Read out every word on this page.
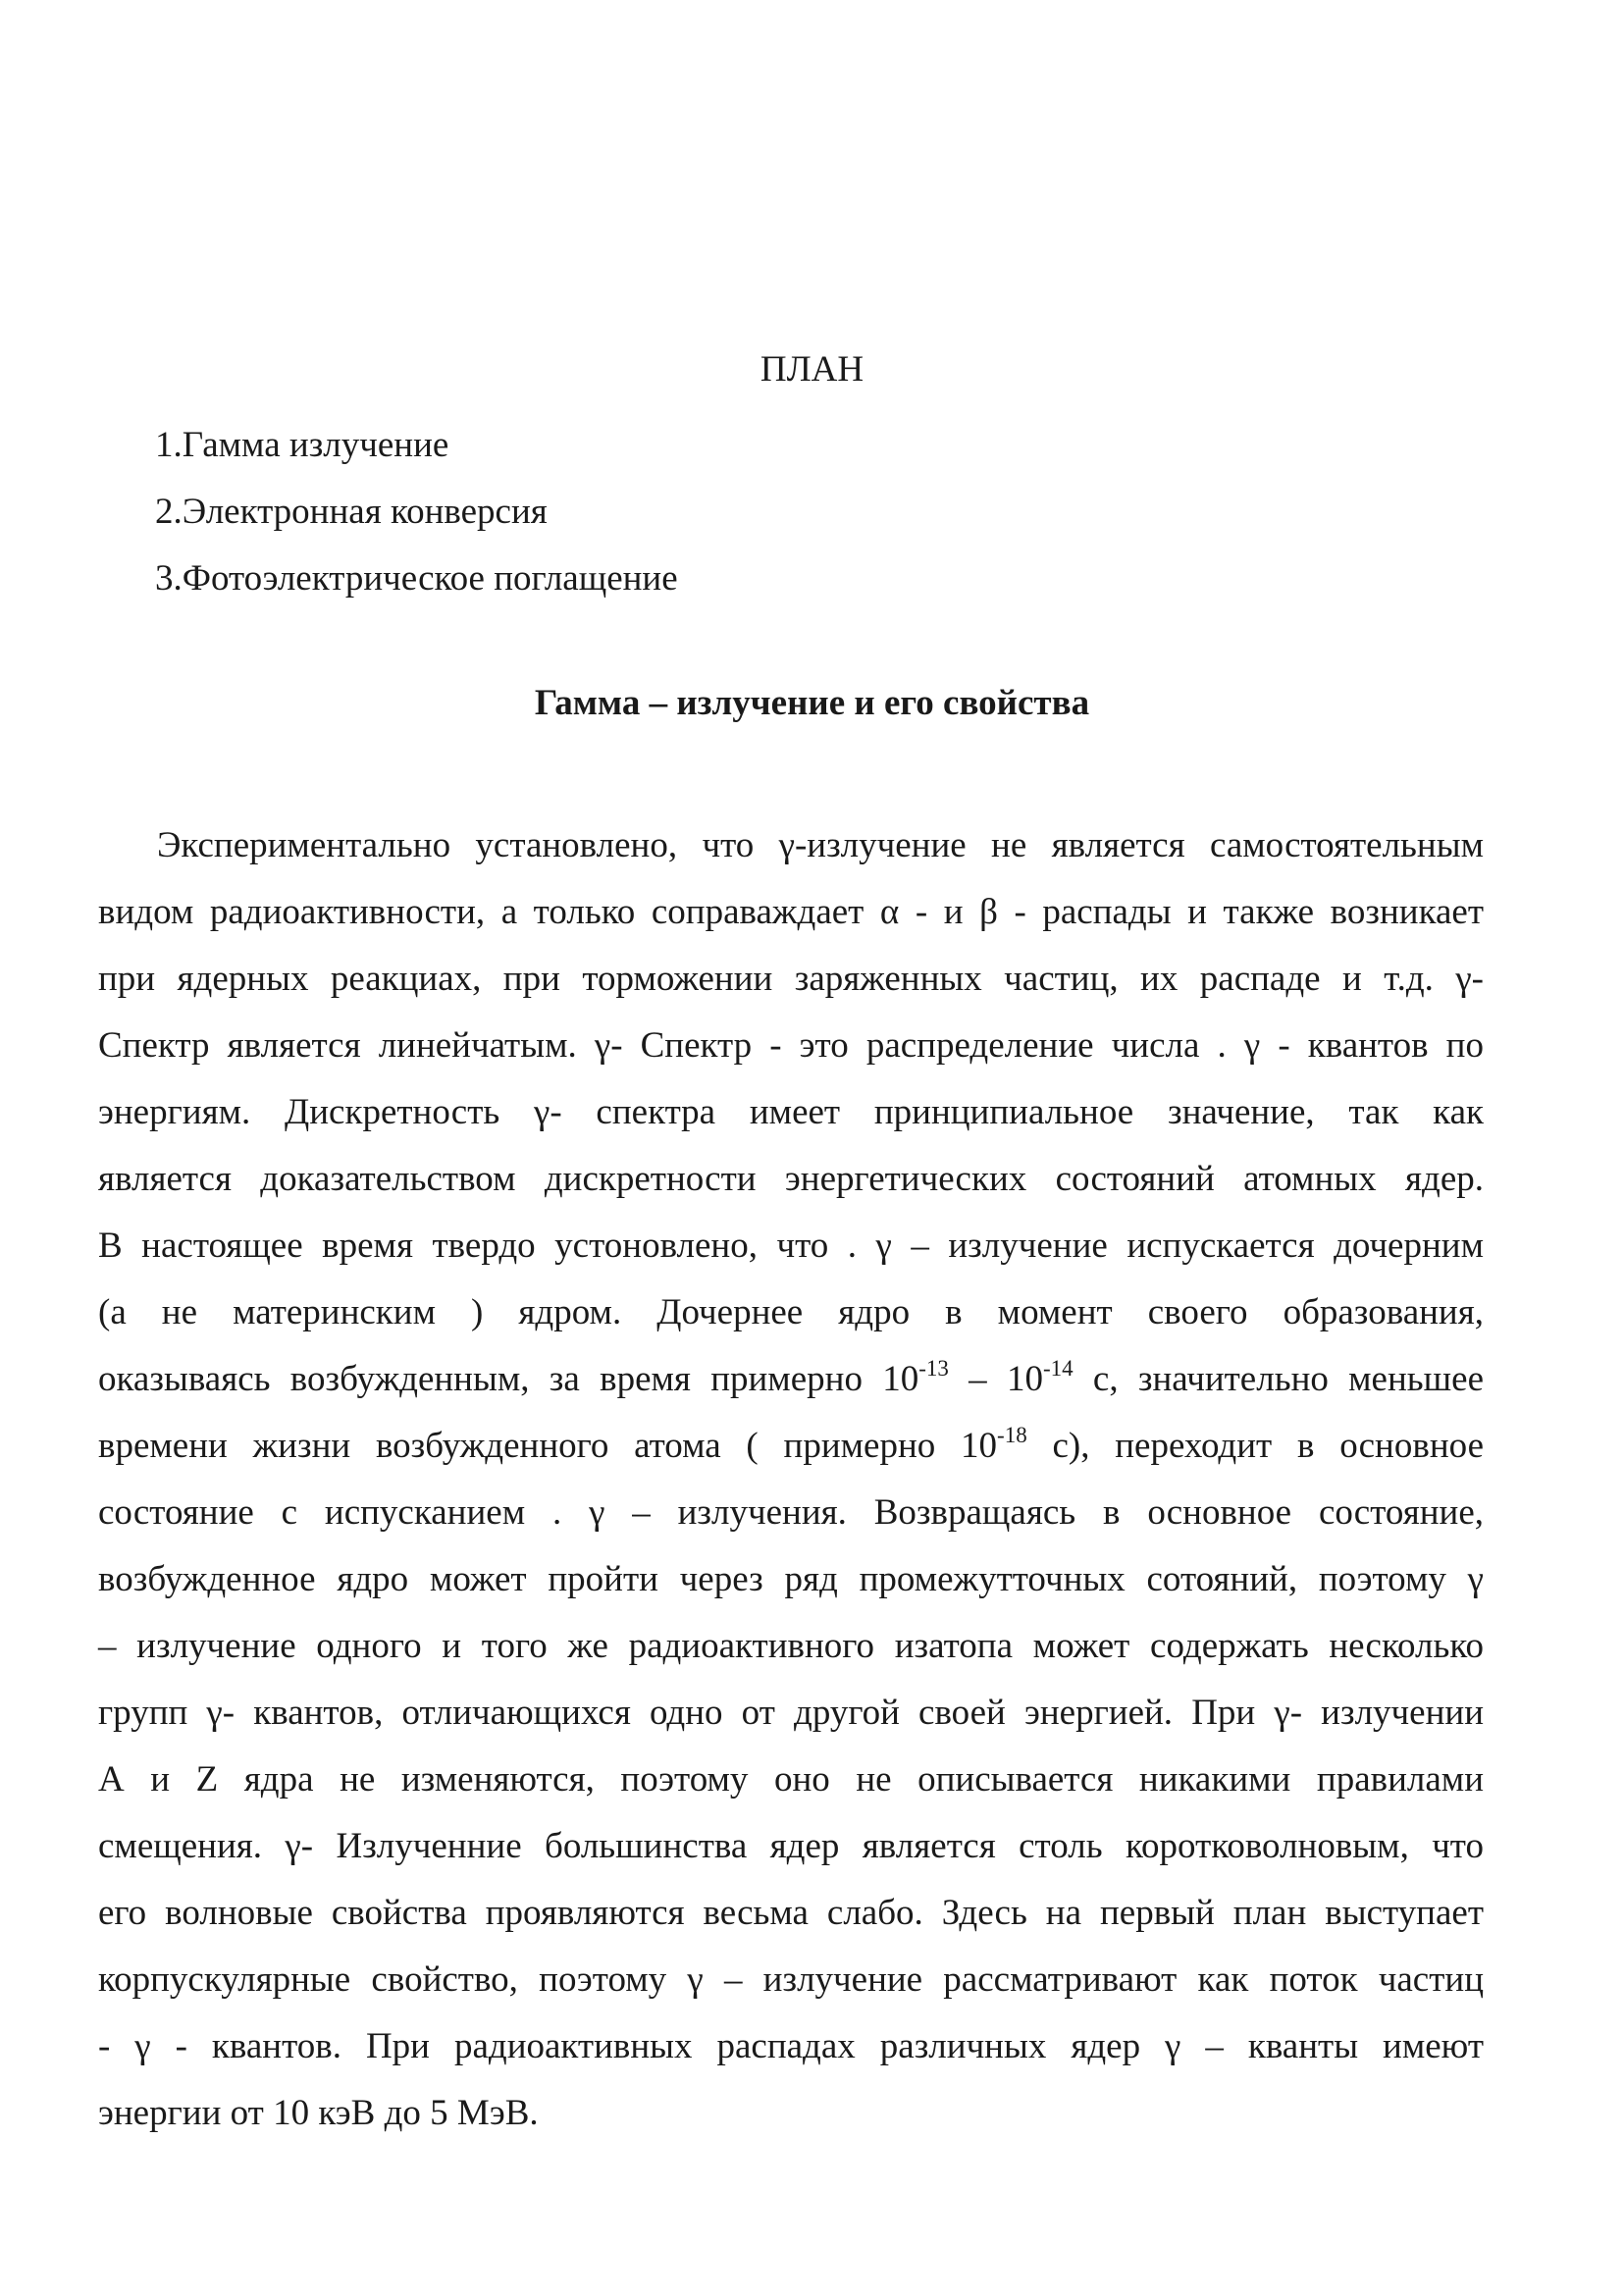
ПЛАН
1.Гамма излучение
2.Электронная конверсия
3.Фотоэлектрическое поглащение
Гамма – излучение и его свойства
Экспериментально установлено, что γ-излучение не является самостоятельным
видом радиоактивности, а только соправаждает α - и β - распады и также возникает
при ядерных реакциах, при торможении заряженных частиц, их распаде и т.д. γ-
Спектр является линейчатым. γ- Спектр - это распределение числа . γ - квантов по
энергиям. Дискретность γ- спектра имеет принципиальное значение, так как
является доказательством дискретности энергетических состояний атомных ядер.
В настоящее время твердо устоновлено, что . γ – излучение испускается дочерним
(а не материнским ) ядром. Дочернее ядро в момент своего образования,
оказываясь возбужденным, за время примерно $10^{-13} - 10^{-14}$ с, значительно меньшее
времени жизни возбужденного атома ( примерно $10^{-18}$ с), переходит в основное
состояние с испусканием . γ – излучения. Возвращаясь в основное состояние,
возбужденное ядро может пройти через ряд промежутточных сотояний, поэтому γ
– излучение одного и того же радиоактивного изатопа может содержать несколько
групп γ- квантов, отличающихся одно от другой своей энергией. При γ- излучении
А и Z ядра не изменяются, поэтому оно не описывается никакими правилами
смещения. γ- Излученние большинства ядер является столь коротковолновым, что
его волновые свойства проявляются весьма слабо. Здесь на первый план выступает
корпускулярные свойство, поэтому γ – излучение рассматривают как поток частиц
- γ - квантов. При радиоактивных распадах различных ядер γ – кванты имеют
энергии от 10 кэВ до 5 МэВ.
